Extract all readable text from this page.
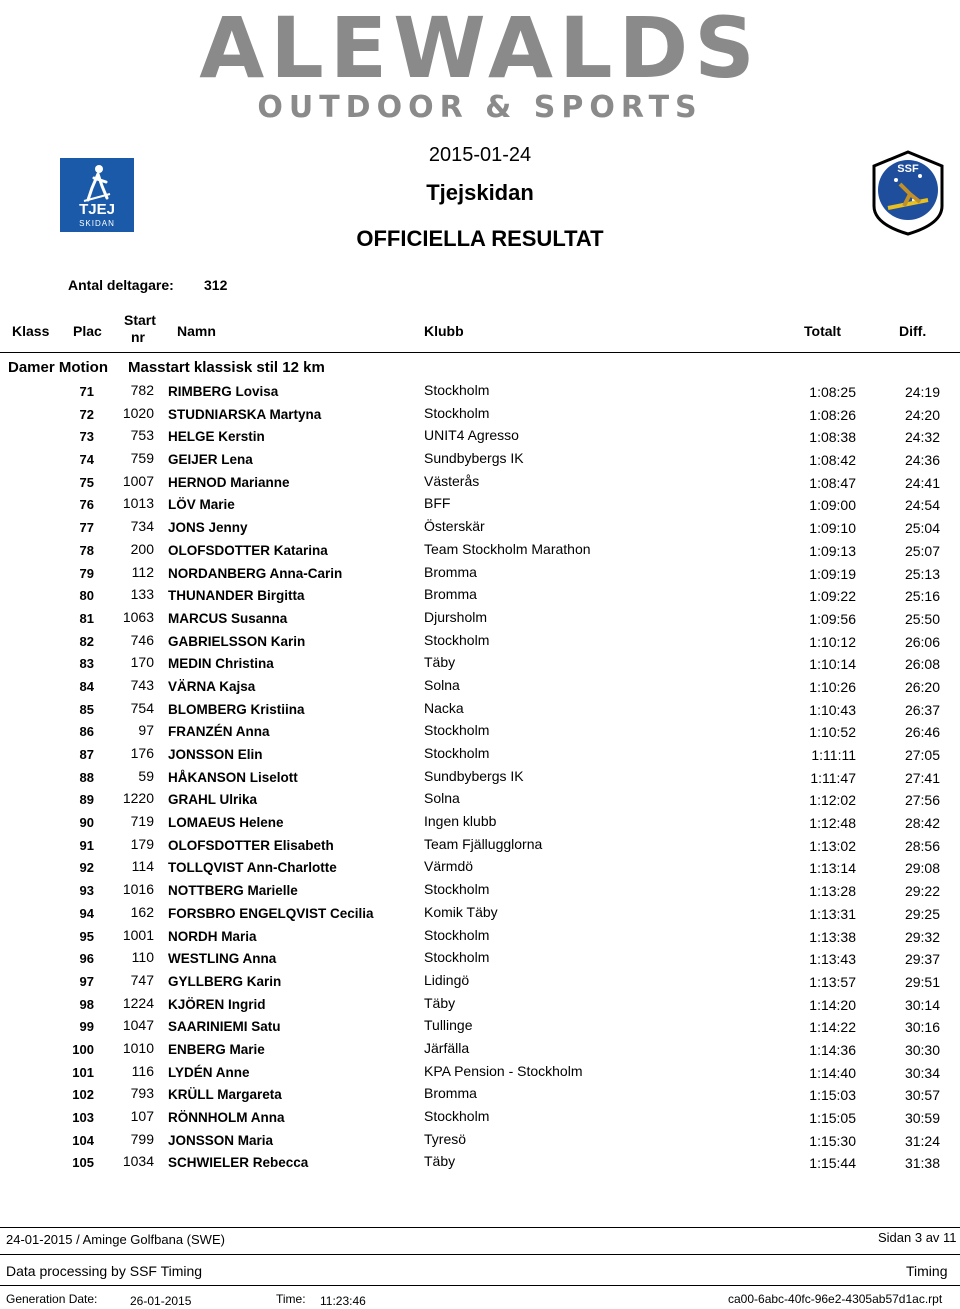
ALEWALDS
OUTDOOR & SPORTS
TJEJ
SKIDAN
SSF
2015-01-24
Tjejskidan
OFFICIELLA RESULTAT
Antal deltagare: 312
Klass Plac
Start
nr Namn	Klubb	Totalt	Diff.
Damer Motion Masstart klassisk stil 12 km
71	782 RIMBERG Lovisa	Stockholm	1:08:25	24:19
72	1020 STUDNIARSKA Martyna	Stockholm	1:08:26	24:20
73	753 HELGE Kerstin	UNIT4 Agresso	1:08:38	24:32
74	759 GEIJER Lena	Sundbybergs IK	1:08:42	24:36
75	1007 HERNOD Marianne	Västerås	1:08:47	24:41
76	1013 LÖV Marie	BFF	1:09:00	24:54
77	734 JONS Jenny	Österskär	1:09:10	25:04
78	200 OLOFSDOTTER Katarina	Team Stockholm Marathon	1:09:13	25:07
79	112 NORDANBERG Anna-Carin	Bromma	1:09:19	25:13
80	133 THUNANDER Birgitta	Bromma	1:09:22	25:16
81	1063 MARCUS Susanna	Djursholm	1:09:56	25:50
82	746 GABRIELSSON Karin	Stockholm	1:10:12	26:06
83	170 MEDIN Christina	Täby	1:10:14	26:08
84	743 VÄRNA Kajsa	Solna	1:10:26	26:20
85	754 BLOMBERG Kristiina	Nacka	1:10:43	26:37
86	97 FRANZÉN Anna	Stockholm	1:10:52	26:46
87	176 JONSSON Elin	Stockholm	1:11:11	27:05
88	59 HÅKANSON Liselott	Sundbybergs IK	1:11:47	27:41
89	1220 GRAHL Ulrika	Solna	1:12:02	27:56
90	719 LOMAEUS Helene	Ingen klubb	1:12:48	28:42
91	179 OLOFSDOTTER Elisabeth	Team Fjällugglorna	1:13:02	28:56
92	114 TOLLQVIST Ann-Charlotte	Värmdö	1:13:14	29:08
93	1016 NOTTBERG Marielle	Stockholm	1:13:28	29:22
94	162 FORSBRO ENGELQVIST Cecilia	Komik Täby	1:13:31	29:25
95	1001 NORDH Maria	Stockholm	1:13:38	29:32
96	110 WESTLING Anna	Stockholm	1:13:43	29:37
97	747 GYLLBERG Karin	Lidingö	1:13:57	29:51
98	1224 KJÖREN Ingrid	Täby	1:14:20	30:14
99	1047 SAARINIEMI Satu	Tullinge	1:14:22	30:16
100	1010 ENBERG Marie	Järfälla	1:14:36	30:30
101	116 LYDÉN Anne	KPA Pension - Stockholm	1:14:40	30:34
102	793 KRÜLL Margareta	Bromma	1:15:03	30:57
103	107 RÖNNHOLM Anna	Stockholm	1:15:05	30:59
104	799 JONSSON Maria	Tyresö	1:15:30	31:24
105	1034 SCHWIELER Rebecca	Täby	1:15:44	31:38
24-01-2015 / Aminge Golfbana (SWE)	Sidan 3 av 11
Data processing by SSF Timing	Timing
Generation Date:	26-01-2015	Time: 11:23:46	ca00-6abc-40fc-96e2-4305ab57d1ac.rpt
